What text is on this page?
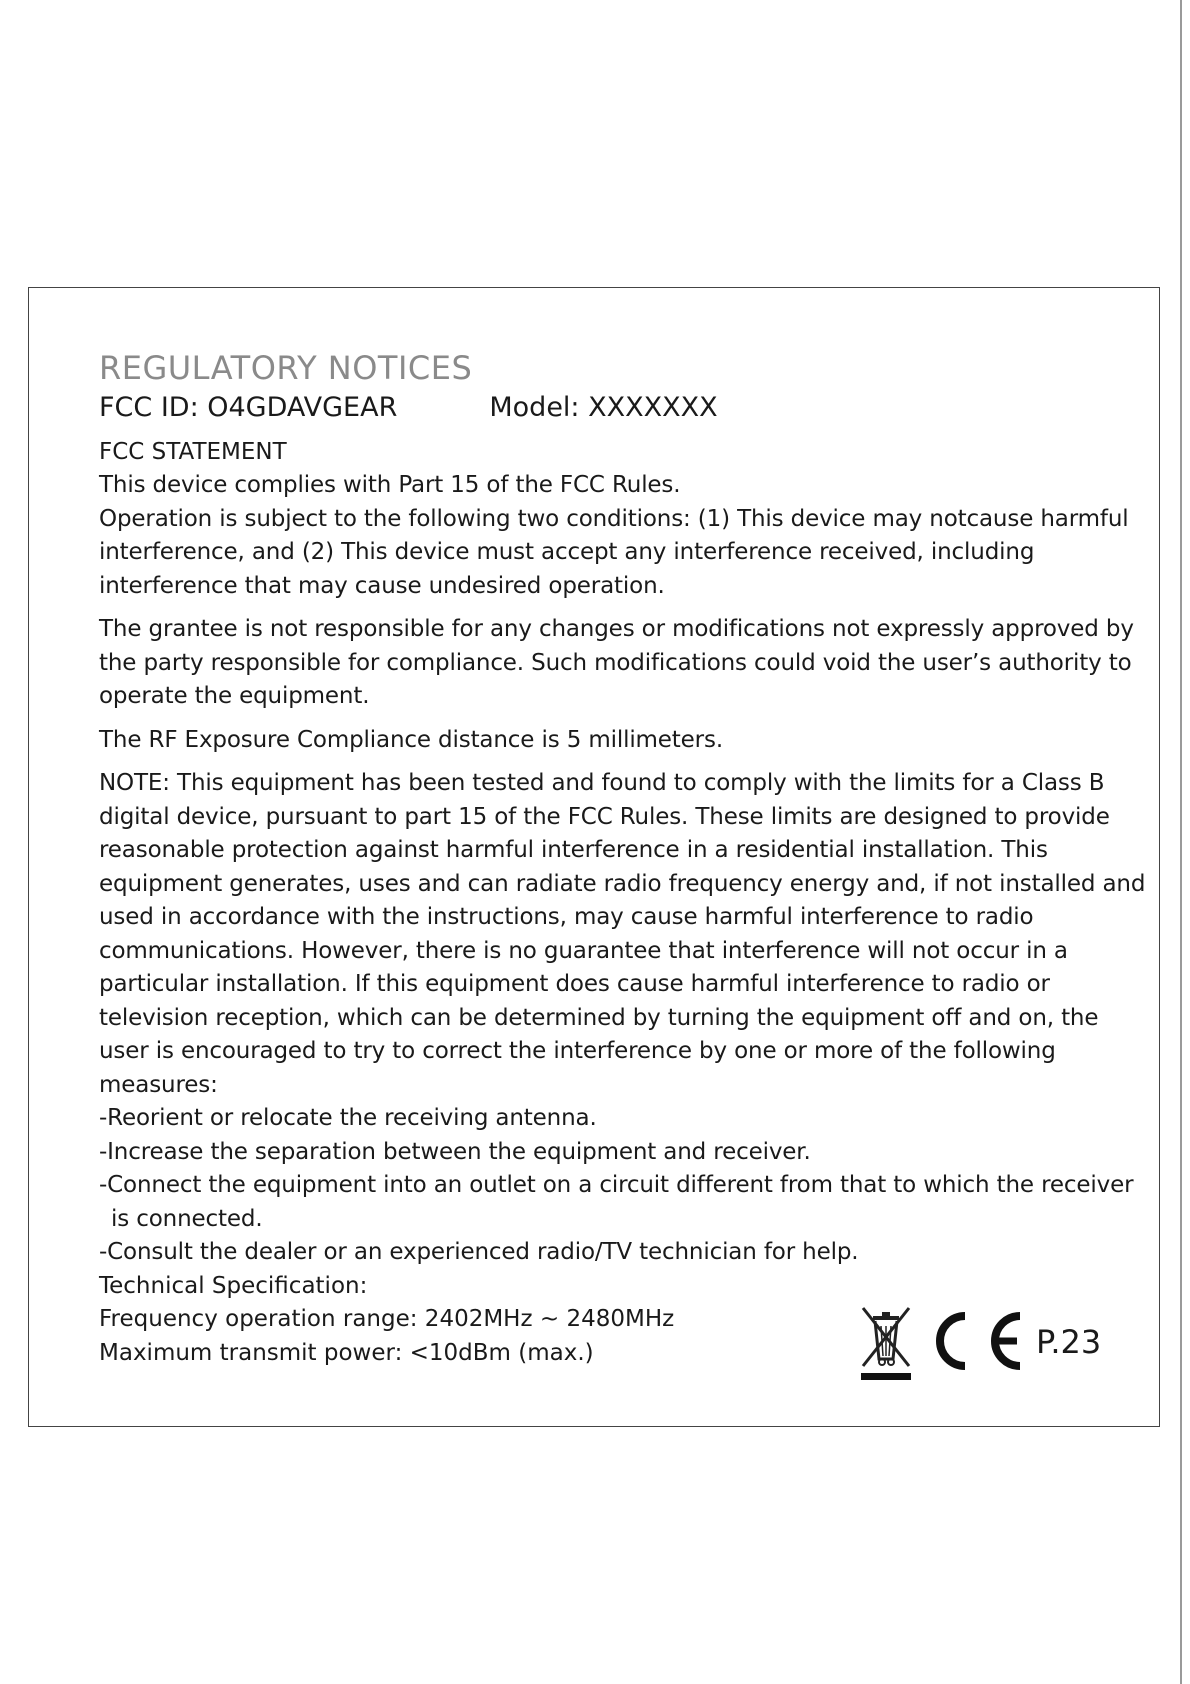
REGULATORY NOTICES
FCC ID: O4GDAVGEAR	Model: XXXXXXX
FCC STATEMENT

This device complies with Part 15 of the FCC Rules.

Operation is subject to the following two conditions: (1) This device may notcause harmful interference, and (2) This device must accept any interference received, including interference that may cause undesired operation.

The grantee is not responsible for any changes or modifications not expressly approved by the party responsible for compliance. Such modifications could void the user’s authority to operate the equipment.

The RF Exposure Compliance distance is 5 millimeters.

NOTE: This equipment has been tested and found to comply with the limits for a Class B digital device, pursuant to part 15 of the FCC Rules. These limits are designed to provide reasonable protection against harmful interference in a residential installation. This equipment generates, uses and can radiate radio frequency energy and, if not installed and used in accordance with the instructions, may cause harmful interference to radio communications. However, there is no guarantee that interference will not occur in a particular installation. If this equipment does cause harmful interference to radio or television reception, which can be determined by turning the equipment off and on, the user is encouraged to try to correct the interference by one or more of the following measures:

-Reorient or relocate the receiving antenna.

-Increase the separation between the equipment and receiver.

-Connect the equipment into an outlet on a circuit different from that to which the receiver is connected.

-Consult the dealer or an experienced radio/TV technician for help.

Technical Specification:

Frequency operation range: 2402MHz ~ 2480MHz

Maximum transmit power: <10dBm (max.)	P.23
